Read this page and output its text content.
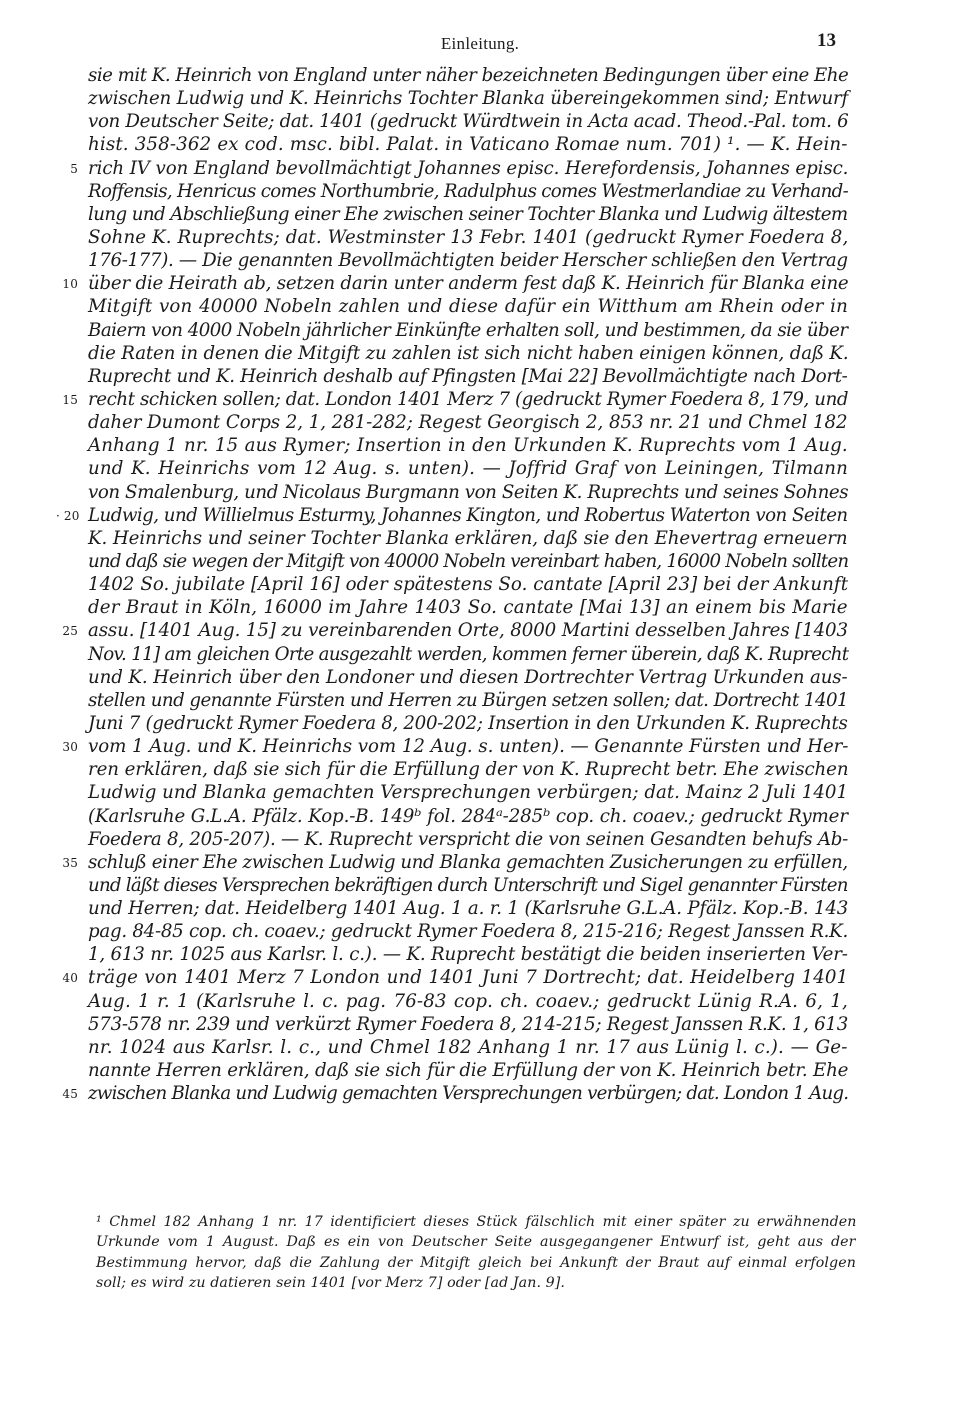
Einleitung.	13
sie mit K. Heinrich von England unter näher bezeichneten Bedingungen über eine Ehe
zwischen Ludwig und K. Heinrichs Tochter Blanka übereingekommen sind; Entwurf
von Deutscher Seite; dat. 1401 (gedruckt Würdtwein in Acta acad. Theod.-Pal. tom. 6
hist. 358-362 ex cod. msc. bibl. Palat. in Vaticano Romae num. 701) ¹. — K. Hein-
5 rich IV von England bevollmächtigt Johannes episc. Herefordensis, Johannes episc.
Roffensis, Henricus comes Northumbrie, Radulphus comes Westmerlandiae zu Verhand-
lung und Abschließung einer Ehe zwischen seiner Tochter Blanka und Ludwig ältestem
Sohne K. Ruprechts; dat. Westminster 13 Febr. 1401 (gedruckt Rymer Foedera 8,
176-177). — Die genannten Bevollmächtigten beider Herscher schließen den Vertrag
10 über die Heirath ab, setzen darin unter anderm fest daß K. Heinrich für Blanka eine
Mitgift von 40000 Nobeln zahlen und diese dafür ein Witthum am Rhein oder in
Baiern von 4000 Nobeln jährlicher Einkünfte erhalten soll, und bestimmen, da sie über
die Raten in denen die Mitgift zu zahlen ist sich nicht haben einigen können, daß K.
Ruprecht und K. Heinrich deshalb auf Pfingsten [Mai 22] Bevollmächtigte nach Dort-
15 recht schicken sollen; dat. London 1401 Merz 7 (gedruckt Rymer Foedera 8, 179, und
daher Dumont Corps 2, 1, 281-282; Regest Georgisch 2, 853 nr. 21 und Chmel 182
Anhang 1 nr. 15 aus Rymer; Insertion in den Urkunden K. Ruprechts vom 1 Aug.
und K. Heinrichs vom 12 Aug. s. unten). — Joffrid Graf von Leiningen, Tilmann
von Smalenburg, und Nicolaus Burgmann von Seiten K. Ruprechts und seines Sohnes
· 20 Ludwig, und Willielmus Esturmy, Johannes Kington, und Robertus Waterton von Seiten
K. Heinrichs und seiner Tochter Blanka erklären, daß sie den Ehevertrag erneuern
und daß sie wegen der Mitgift von 40000 Nobeln vereinbart haben, 16000 Nobeln sollten
1402 So. jubilate [April 16] oder spätestens So. cantate [April 23] bei der Ankunft
der Braut in Köln, 16000 im Jahre 1403 So. cantate [Mai 13] an einem bis Marie
25 assu. [1401 Aug. 15] zu vereinbarenden Orte, 8000 Martini desselben Jahres [1403
Nov. 11] am gleichen Orte ausgezahlt werden, kommen ferner überein, daß K. Ruprecht
und K. Heinrich über den Londoner und diesen Dortrechter Vertrag Urkunden aus-
stellen und genannte Fürsten und Herren zu Bürgen setzen sollen; dat. Dortrecht 1401
Juni 7 (gedruckt Rymer Foedera 8, 200-202; Insertion in den Urkunden K. Ruprechts
30 vom 1 Aug. und K. Heinrichs vom 12 Aug. s. unten). — Genannte Fürsten und Her-
ren erklären, daß sie sich für die Erfüllung der von K. Ruprecht betr. Ehe zwischen
Ludwig und Blanka gemachten Versprechungen verbürgen; dat. Mainz 2 Juli 1401
(Karlsruhe G.L.A. Pfälz. Kop.-B. 149ᵇ fol. 284ᵃ-285ᵇ cop. ch. coaev.; gedruckt Rymer
Foedera 8, 205-207). — K. Ruprecht verspricht die von seinen Gesandten behufs Ab-
35 schluß einer Ehe zwischen Ludwig und Blanka gemachten Zusicherungen zu erfüllen,
und läßt dieses Versprechen bekräftigen durch Unterschrift und Sigel genannter Fürsten
und Herren; dat. Heidelberg 1401 Aug. 1 a. r. 1 (Karlsruhe G.L.A. Pfälz. Kop.-B. 143
pag. 84-85 cop. ch. coaev.; gedruckt Rymer Foedera 8, 215-216; Regest Janssen R.K.
1, 613 nr. 1025 aus Karlsr. l. c.). — K. Ruprecht bestätigt die beiden inserierten Ver-
40 träge von 1401 Merz 7 London und 1401 Juni 7 Dortrecht; dat. Heidelberg 1401
Aug. 1 r. 1 (Karlsruhe l. c. pag. 76-83 cop. ch. coaev.; gedruckt Lünig R.A. 6, 1,
573-578 nr. 239 und verkürzt Rymer Foedera 8, 214-215; Regest Janssen R.K. 1, 613
nr. 1024 aus Karlsr. l. c., und Chmel 182 Anhang 1 nr. 17 aus Lünig l. c.). — Ge-
nannte Herren erklären, daß sie sich für die Erfüllung der von K. Heinrich betr. Ehe
45 zwischen Blanka und Ludwig gemachten Versprechungen verbürgen; dat. London 1 Aug.
¹ Chmel 182 Anhang 1 nr. 17 identificiert dieses Stück fälschlich mit einer später zu erwähnenden
Urkunde vom 1 August. Daß es ein von Deutscher Seite ausgegangener Entwurf ist, geht aus der
Bestimmung hervor, daß die Zahlung der Mitgift gleich bei Ankunft der Braut auf einmal erfolgen
soll; es wird zu datieren sein 1401 [vor Merz 7] oder [ad Jan. 9].
